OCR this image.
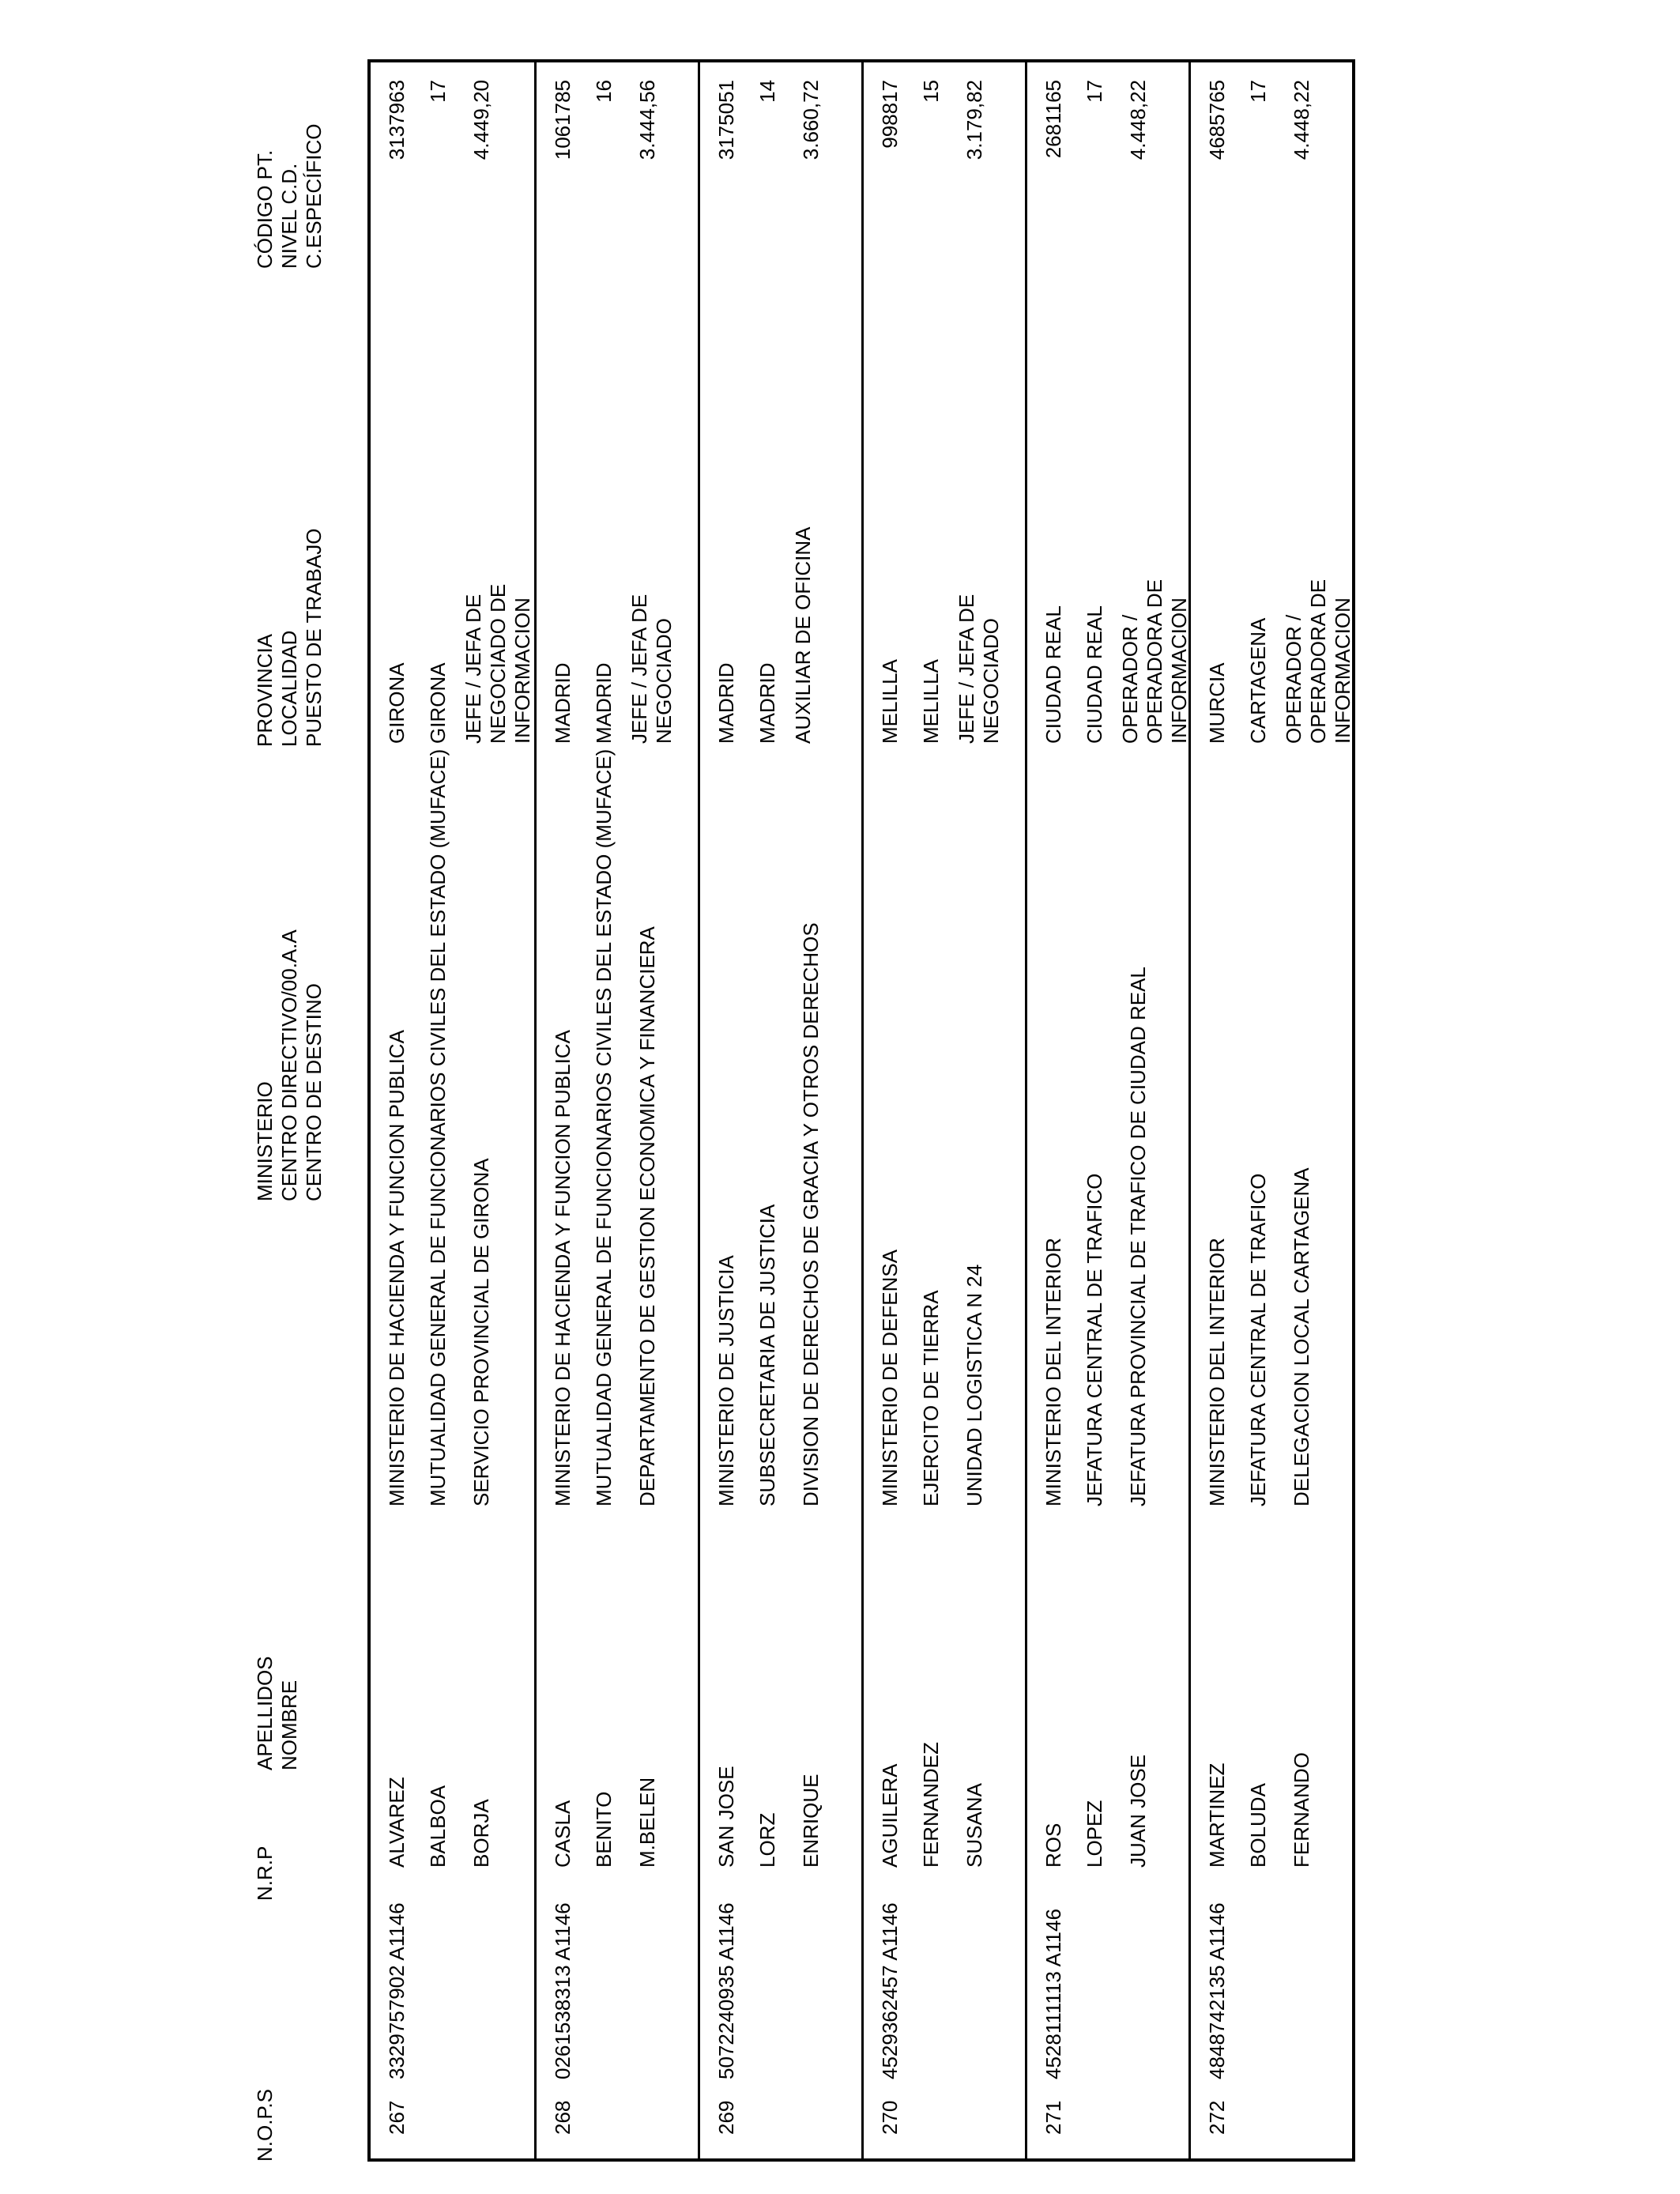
N.O.P.S
N.R.P
APELLIDOS
NOMBRE
MINISTERIO
CENTRO DIRECTIVO/00.A.A
CENTRO DE DESTINO
PROVINCIA
LOCALIDAD
PUESTO DE TRABAJO
CÓDIGO PT.
NIVEL C.D.
C.ESPECÍFICO
267
3329757902 A1146
ALVAREZ BALBOA BORJA
MINISTERIO DE HACIENDA Y FUNCION PUBLICA MUTUALIDAD GENERAL DE FUNCIONARIOS CIVILES DEL ESTADO (MUFACE) SERVICIO PROVINCIAL DE GIRONA
GIRONA GIRONA JEFE / JEFA DE NEGOCIADO DE INFORMACION
3137963 17 4.449,20
268
0261538313 A1146
CASLA BENITO M.BELEN
MINISTERIO DE HACIENDA Y FUNCION PUBLICA MUTUALIDAD GENERAL DE FUNCIONARIOS CIVILES DEL ESTADO (MUFACE) DEPARTAMENTO DE GESTION ECONOMICA Y FINANCIERA
MADRID MADRID JEFE / JEFA DE NEGOCIADO
1061785 16 3.444,56
269
5072240935 A1146
SAN JOSE LORZ ENRIQUE
MINISTERIO DE JUSTICIA SUBSECRETARIA DE JUSTICIA DIVISION DE DERECHOS DE GRACIA Y OTROS DERECHOS
MADRID MADRID AUXILIAR DE OFICINA
3175051 14 3.660,72
270
4529362457 A1146
AGUILERA FERNANDEZ SUSANA
MINISTERIO DE DEFENSA EJERCITO DE TIERRA UNIDAD LOGISTICA N 24
MELILLA MELILLA JEFE / JEFA DE NEGOCIADO
998817 15 3.179,82
271
4528111113 A1146
ROS LOPEZ JUAN JOSE
MINISTERIO DEL INTERIOR JEFATURA CENTRAL DE TRAFICO JEFATURA PROVINCIAL DE TRAFICO DE CIUDAD REAL
CIUDAD REAL CIUDAD REAL OPERADOR / OPERADORA DE INFORMACION
2681165 17 4.448,22
272
4848742135 A1146
MARTINEZ BOLUDA FERNANDO
MINISTERIO DEL INTERIOR JEFATURA CENTRAL DE TRAFICO DELEGACION LOCAL CARTAGENA
MURCIA CARTAGENA OPERADOR / OPERADORA DE INFORMACION
4685765 17 4.448,22
